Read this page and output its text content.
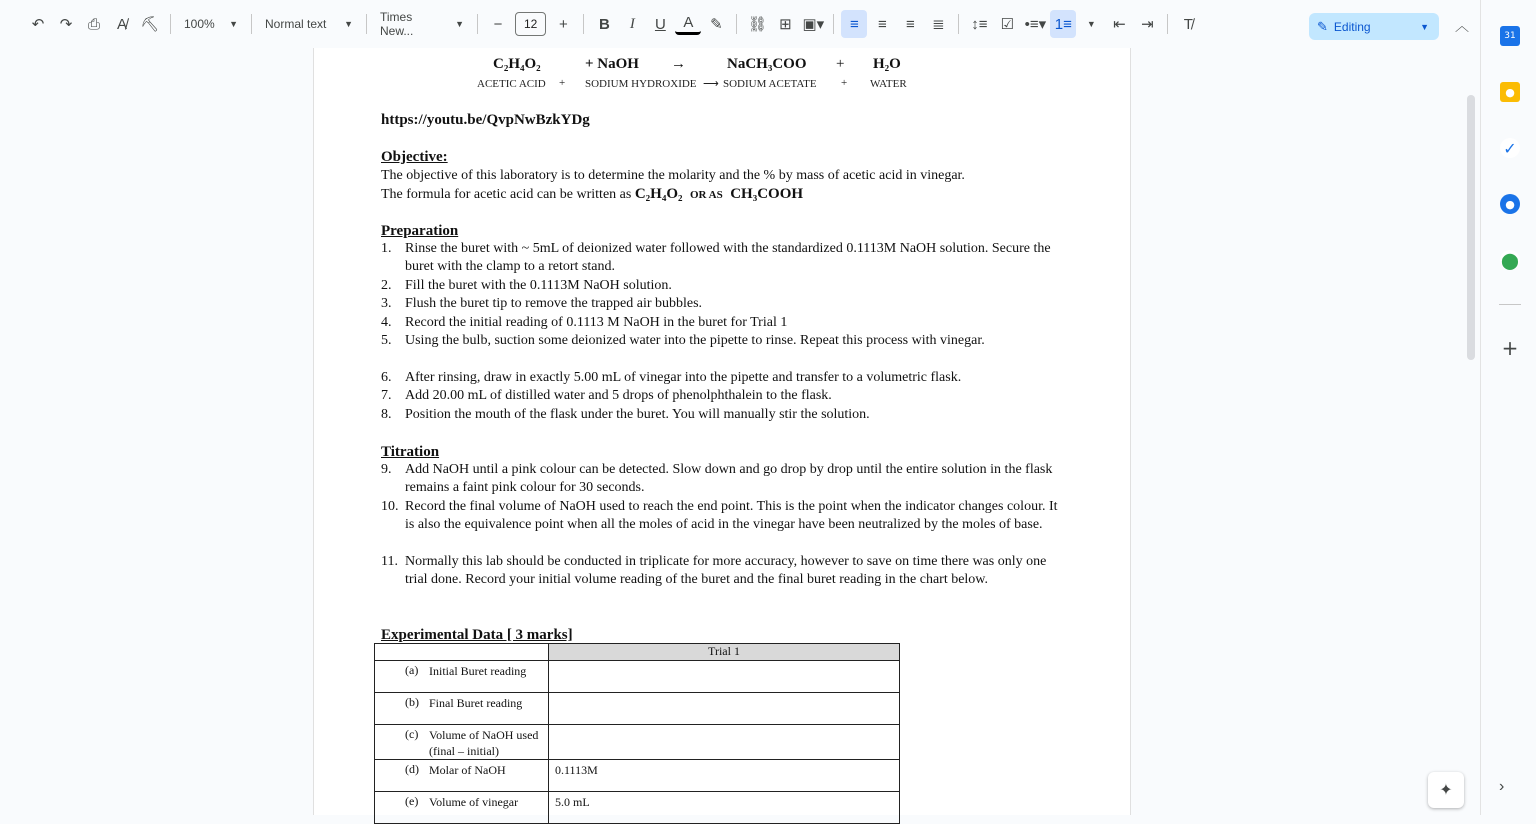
↶	↷	⎙	A̸ ⛏ 100% ▼ Normal text ▼ Times New...	▼	−	12	+	B	I	U	A	✎	⛓ ⊞ ▣▾	≡	≡	≡	≣	↕≡ ☑ •≡▾ 1≡	▼	⇤	⇥	T̸	✎ Editing	▼ ︿
C₂H₄O₂	+ NaOH →	NaCH₃COO + H₂O
ACETIC ACID + SODIUM HYDROXIDE ⟶ SODIUM ACETATE + WATER
https://youtu.be/QvpNwBzkYDg
Objective:
The objective of this laboratory is to determine the molarity and the % by mass of acetic acid in vinegar.
The formula for acetic acid can be written as C₂H₄O₂ OR AS CH₃COOH
Preparation
1. Rinse the buret with ~ 5mL of deionized water followed with the standardized 0.1113M NaOH solution. Secure the buret with the clamp to a retort stand.
2. Fill the buret with the 0.1113M NaOH solution.
3. Flush the buret tip to remove the trapped air bubbles.
4. Record the initial reading of 0.1113 M NaOH in the buret for Trial 1
5. Using the bulb, suction some deionized water into the pipette to rinse. Repeat this process with vinegar.
6. After rinsing, draw in exactly 5.00 mL of vinegar into the pipette and transfer to a volumetric flask.
7. Add 20.00 mL of distilled water and 5 drops of phenolphthalein to the flask.
8. Position the mouth of the flask under the buret. You will manually stir the solution.
Titration
9. Add NaOH until a pink colour can be detected. Slow down and go drop by drop until the entire solution in the flask remains a faint pink colour for 30 seconds.
10. Record the final volume of NaOH used to reach the end point. This is the point when the indicator changes colour. It is also the equivalence point when all the moles of acid in the vinegar have been neutralized by the moles of base.
11. Normally this lab should be conducted in triplicate for more accuracy, however to save on time there was only one trial done. Record your initial volume reading of the buret and the final buret reading in the chart below.
Experimental Data [ 3 marks]
	Trial 1

(a) Initial Buret reading	

(b) Final Buret reading	

(c) Volume of NaOH used (final – initial)	

(d) Molar of NaOH	0.1113M

(e) Volume of vinegar	5.0 mL
31
●
✓
●
⬤
+
✦	›
